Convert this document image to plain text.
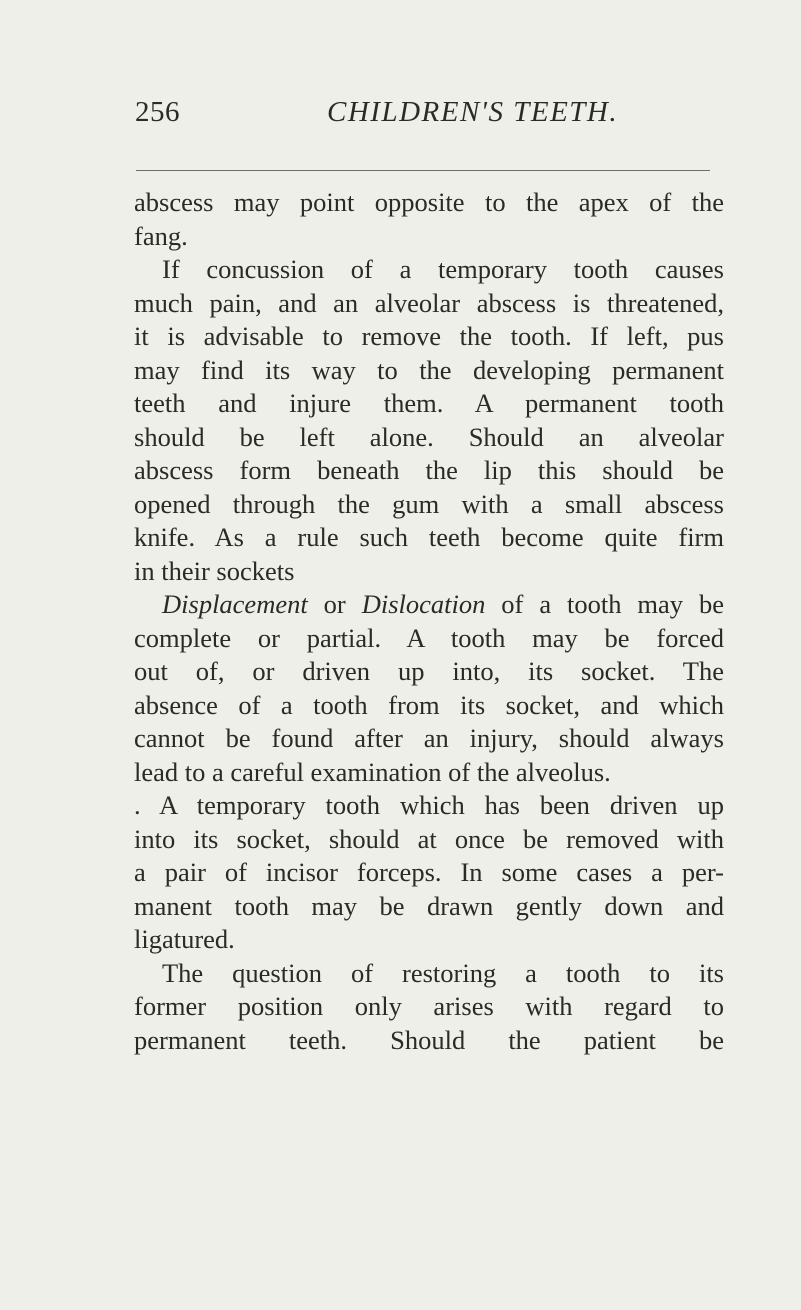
256	CHILDREN'S TEETH.
abscess may point opposite to the apex of the
fang.
If concussion of a temporary tooth causes
much pain, and an alveolar abscess is threatened,
it is advisable to remove the tooth. If left, pus
may find its way to the developing permanent
teeth and injure them. A permanent tooth
should be left alone. Should an alveolar
abscess form beneath the lip this should be
opened through the gum with a small abscess
knife. As a rule such teeth become quite firm
in their sockets
Displacement or Dislocation of a tooth may be
complete or partial. A tooth may be forced
out of, or driven up into, its socket. The
absence of a tooth from its socket, and which
cannot be found after an injury, should always
lead to a careful examination of the alveolus.
. A temporary tooth which has been driven up
into its socket, should at once be removed with
a pair of incisor forceps. In some cases a per-
manent tooth may be drawn gently down and
ligatured.
The question of restoring a tooth to its
former position only arises with regard to
permanent teeth. Should the patient be
